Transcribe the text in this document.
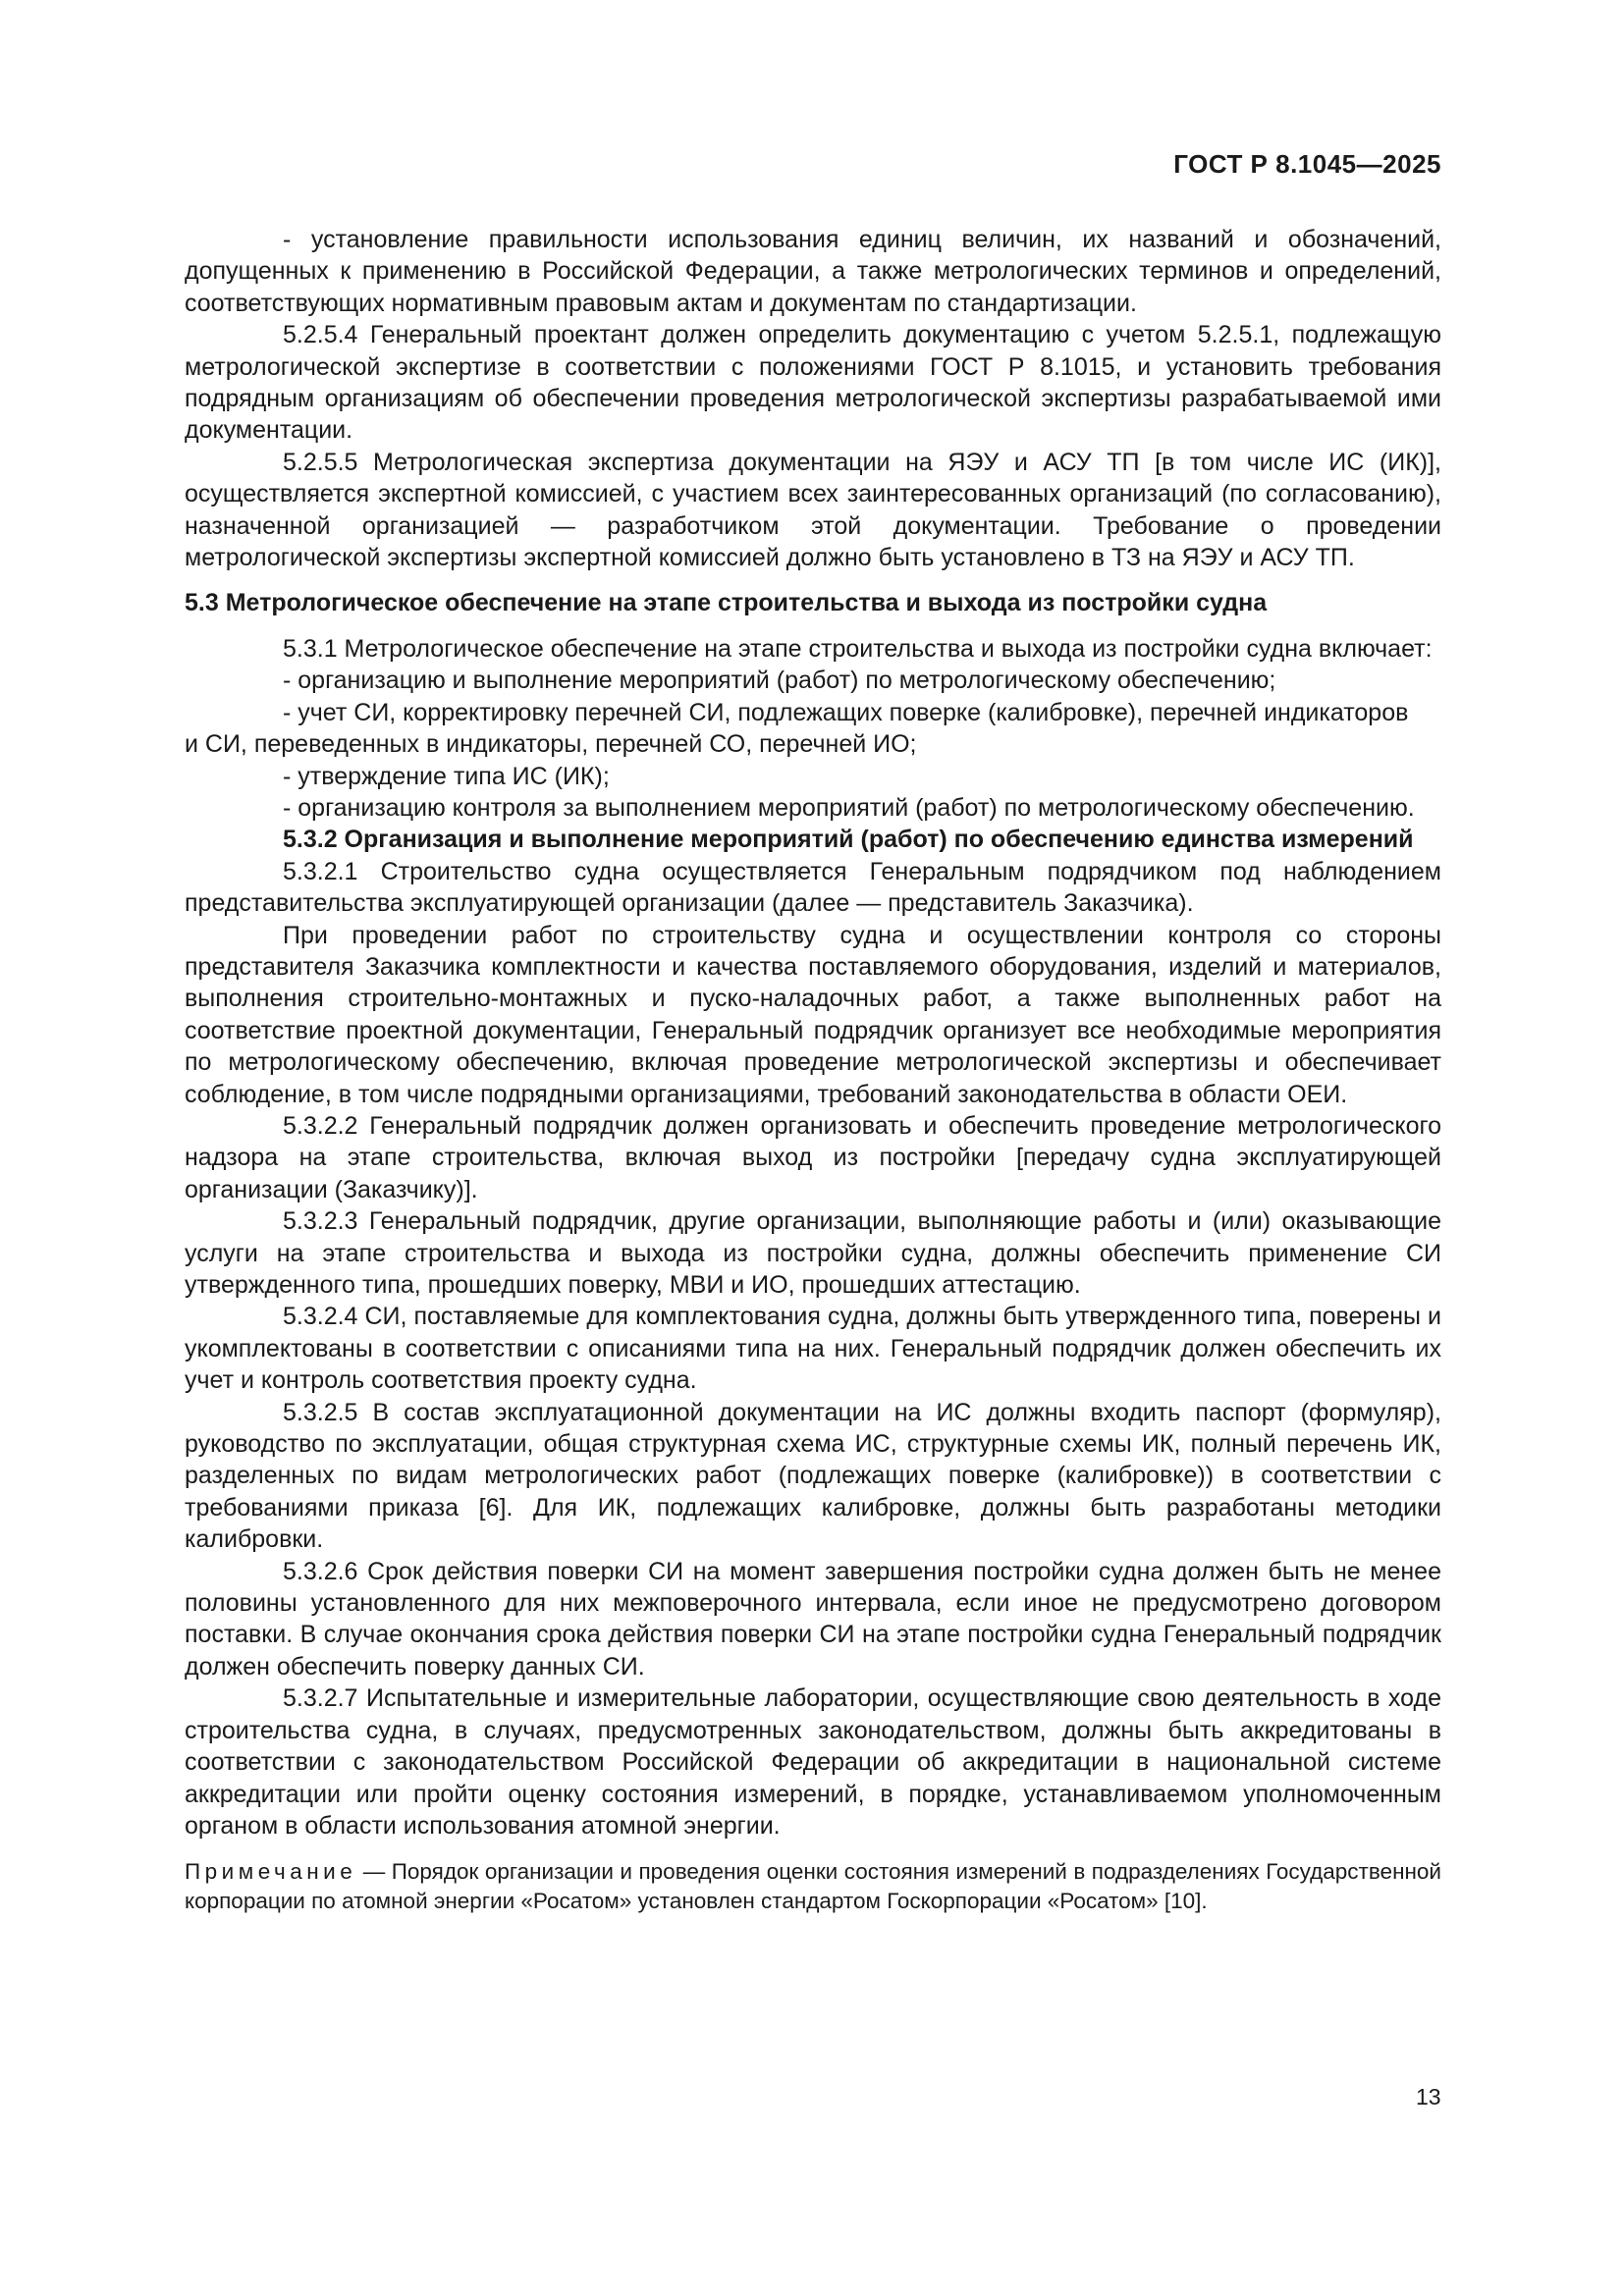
ГОСТ Р 8.1045—2025

- установление правильности использования единиц величин, их названий и обозначений, допущенных к применению в Российской Федерации, а также метрологических терминов и определений, соответствующих нормативным правовым актам и документам по стандартизации.

5.2.5.4 Генеральный проектант должен определить документацию с учетом 5.2.5.1, подлежащую метрологической экспертизе в соответствии с положениями ГОСТ Р 8.1015, и установить требования подрядным организациям об обеспечении проведения метрологической экспертизы разрабатываемой ими документации.

5.2.5.5 Метрологическая экспертиза документации на ЯЭУ и АСУ ТП [в том числе ИС (ИК)], осуществляется экспертной комиссией, с участием всех заинтересованных организаций (по согласованию), назначенной организацией — разработчиком этой документации. Требование о проведении метрологической экспертизы экспертной комиссией должно быть установлено в ТЗ на ЯЭУ и АСУ ТП.

5.3 Метрологическое обеспечение на этапе строительства и выхода из постройки судна

5.3.1 Метрологическое обеспечение на этапе строительства и выхода из постройки судна включает:

- организацию и выполнение мероприятий (работ) по метрологическому обеспечению;

- учет СИ, корректировку перечней СИ, подлежащих поверке (калибровке), перечней индикаторов

и СИ, переведенных в индикаторы, перечней СО, перечней ИО;

- утверждение типа ИС (ИК);

- организацию контроля за выполнением мероприятий (работ) по метрологическому обеспечению.

5.3.2 Организация и выполнение мероприятий (работ) по обеспечению единства измерений

5.3.2.1 Строительство судна осуществляется Генеральным подрядчиком под наблюдением представительства эксплуатирующей организации (далее — представитель Заказчика).

При проведении работ по строительству судна и осуществлении контроля со стороны представителя Заказчика комплектности и качества поставляемого оборудования, изделий и материалов, выполнения строительно-монтажных и пуско-наладочных работ, а также выполненных работ на соответствие проектной документации, Генеральный подрядчик организует все необходимые мероприятия по метрологическому обеспечению, включая проведение метрологической экспертизы и обеспечивает соблюдение, в том числе подрядными организациями, требований законодательства в области ОЕИ.

5.3.2.2 Генеральный подрядчик должен организовать и обеспечить проведение метрологического надзора на этапе строительства, включая выход из постройки [передачу судна эксплуатирующей организации (Заказчику)].

5.3.2.3 Генеральный подрядчик, другие организации, выполняющие работы и (или) оказывающие услуги на этапе строительства и выхода из постройки судна, должны обеспечить применение СИ утвержденного типа, прошедших поверку, МВИ и ИО, прошедших аттестацию.

5.3.2.4 СИ, поставляемые для комплектования судна, должны быть утвержденного типа, поверены и укомплектованы в соответствии с описаниями типа на них. Генеральный подрядчик должен обеспечить их учет и контроль соответствия проекту судна.

5.3.2.5 В состав эксплуатационной документации на ИС должны входить паспорт (формуляр), руководство по эксплуатации, общая структурная схема ИС, структурные схемы ИК, полный перечень ИК, разделенных по видам метрологических работ (подлежащих поверке (калибровке)) в соответствии с требованиями приказа [6]. Для ИК, подлежащих калибровке, должны быть разработаны методики калибровки.

5.3.2.6 Срок действия поверки СИ на момент завершения постройки судна должен быть не менее половины установленного для них межповерочного интервала, если иное не предусмотрено договором поставки. В случае окончания срока действия поверки СИ на этапе постройки судна Генеральный подрядчик должен обеспечить поверку данных СИ.

5.3.2.7 Испытательные и измерительные лаборатории, осуществляющие свою деятельность в ходе строительства судна, в случаях, предусмотренных законодательством, должны быть аккредитованы в соответствии с законодательством Российской Федерации об аккредитации в национальной системе аккредитации или пройти оценку состояния измерений, в порядке, устанавливаемом уполномоченным органом в области использования атомной энергии.

Примечание — Порядок организации и проведения оценки состояния измерений в подразделениях Государственной корпорации по атомной энергии «Росатом» установлен стандартом Госкорпорации «Росатом» [10].

13
